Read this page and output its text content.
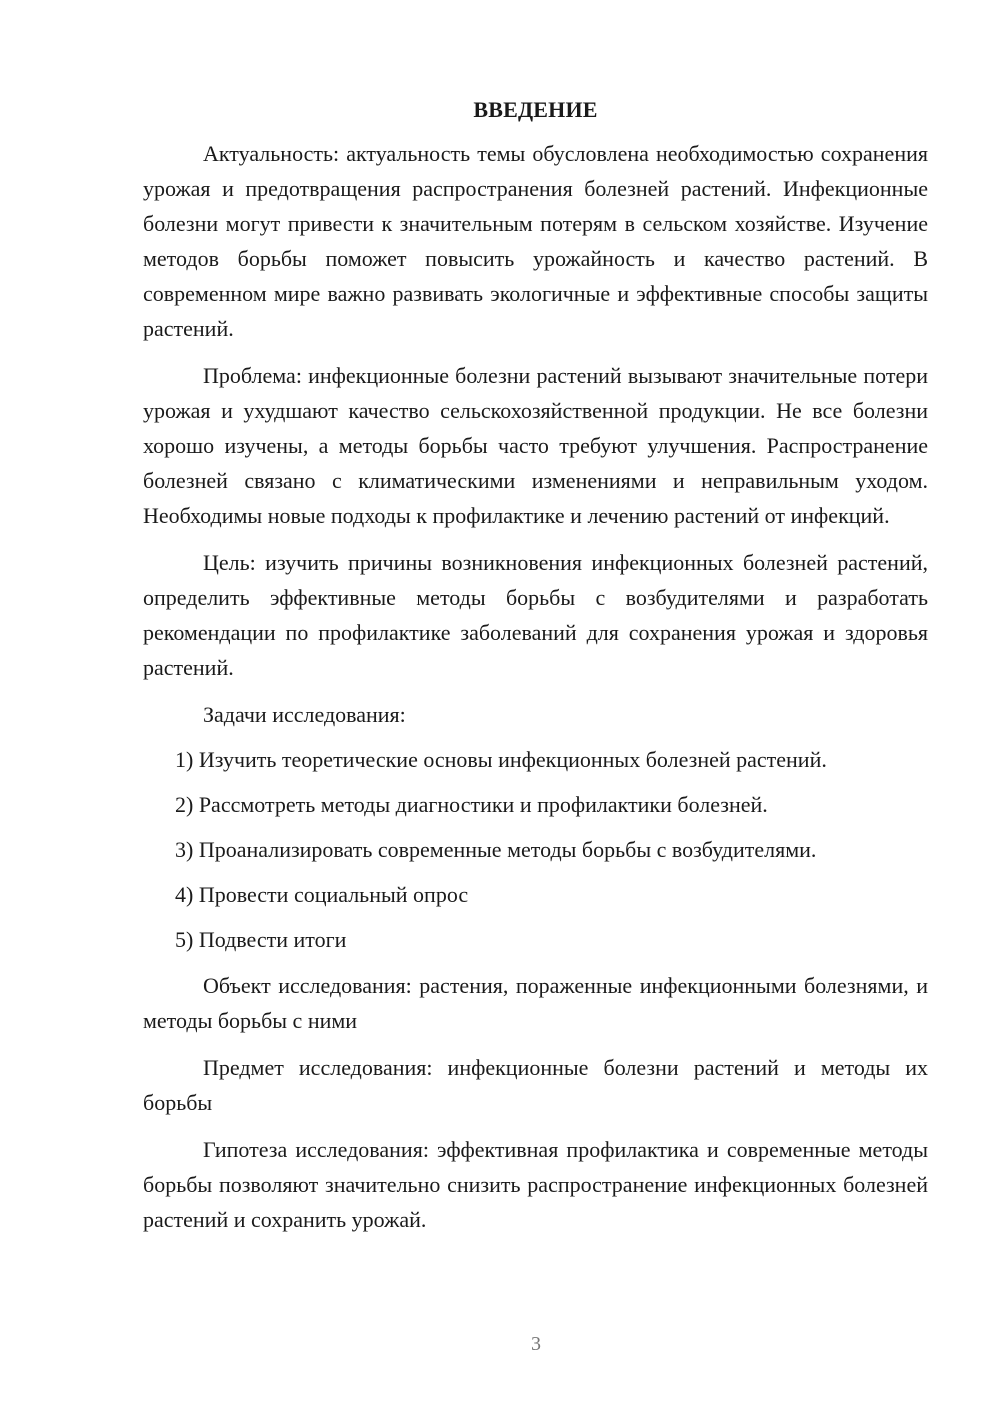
ВВЕДЕНИЕ

Актуальность: актуальность темы обусловлена необходимостью сохранения урожая и предотвращения распространения болезней растений. Инфекционные болезни могут привести к значительным потерям в сельском хозяйстве. Изучение методов борьбы поможет повысить урожайность и качество растений. В современном мире важно развивать экологичные и эффективные способы защиты растений.

Проблема: инфекционные болезни растений вызывают значительные потери урожая и ухудшают качество сельскохозяйственной продукции. Не все болезни хорошо изучены, а методы борьбы часто требуют улучшения. Распространение болезней связано с климатическими изменениями и неправильным уходом. Необходимы новые подходы к профилактике и лечению растений от инфекций.

Цель: изучить причины возникновения инфекционных болезней растений, определить эффективные методы борьбы с возбудителями и разработать рекомендации по профилактике заболеваний для сохранения урожая и здоровья растений.

Задачи исследования:
1) Изучить теоретические основы инфекционных болезней растений.
2) Рассмотреть методы диагностики и профилактики болезней.
3) Проанализировать современные методы борьбы с возбудителями.
4) Провести социальный опрос
5) Подвести итоги

Объект исследования: растения, пораженные инфекционными болезнями, и методы борьбы с ними

Предмет исследования: инфекционные болезни растений и методы их борьбы

Гипотеза исследования: эффективная профилактика и современные методы борьбы позволяют значительно снизить распространение инфекционных болезней растений и сохранить урожай.

3
